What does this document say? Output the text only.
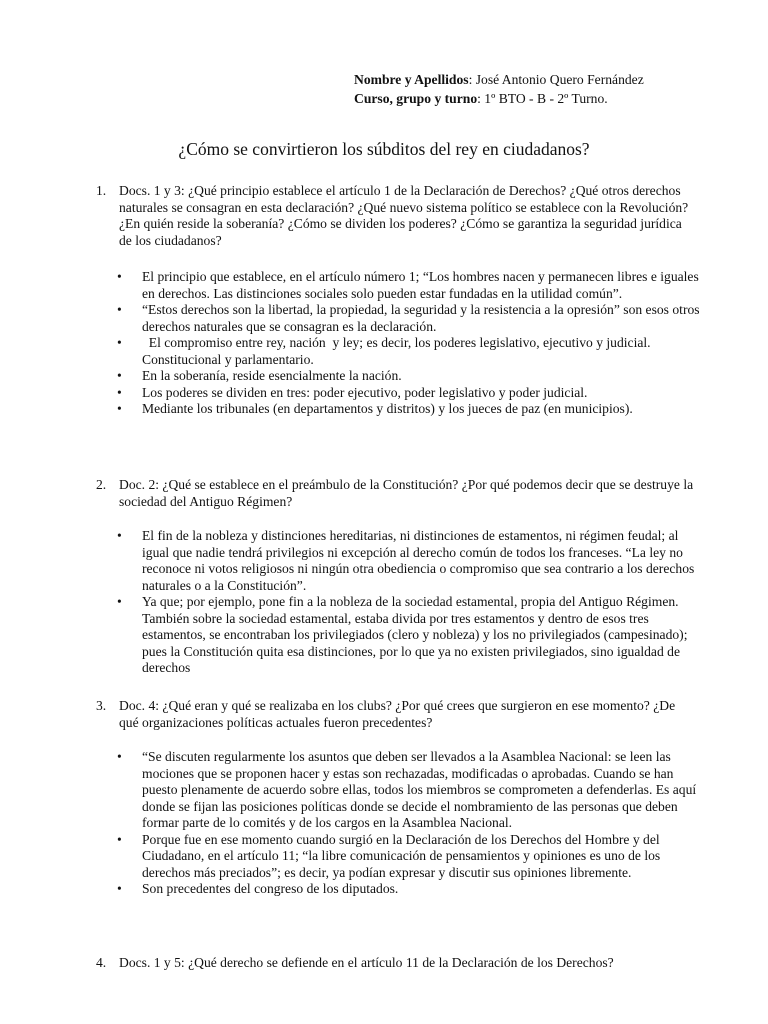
Nombre y Apellidos: José Antonio Quero Fernández
Curso, grupo y turno: 1º BTO - B - 2º Turno.
¿Cómo se convirtieron los súbditos del rey en ciudadanos?
1. Docs. 1 y 3: ¿Qué principio establece el artículo 1 de la Declaración de Derechos? ¿Qué otros derechos naturales se consagran en esta declaración? ¿Qué nuevo sistema político se establece con la Revolución? ¿En quién reside la soberanía? ¿Cómo se dividen los poderes? ¿Cómo se garantiza la seguridad jurídica de los ciudadanos?
• El principio que establece, en el artículo número 1; “Los hombres nacen y permanecen libres e iguales en derechos. Las distinciones sociales solo pueden estar fundadas en la utilidad común”.
• “Estos derechos son la libertad, la propiedad, la seguridad y la resistencia a la opresión” son esos otros derechos naturales que se consagran es la declaración.
• El compromiso entre rey, nación  y ley; es decir, los poderes legislativo, ejecutivo y judicial. Constitucional y parlamentario.
• En la soberanía, reside esencialmente la nación.
• Los poderes se dividen en tres: poder ejecutivo, poder legislativo y poder judicial.
• Mediante los tribunales (en departamentos y distritos) y los jueces de paz (en municipios).
2. Doc. 2: ¿Qué se establece en el preámbulo de la Constitución? ¿Por qué podemos decir que se destruye la sociedad del Antiguo Régimen?
• El fin de la nobleza y distinciones hereditarias, ni distinciones de estamentos, ni régimen feudal; al igual que nadie tendrá privilegios ni excepción al derecho común de todos los franceses. “La ley no reconoce ni votos religiosos ni ningún otra obediencia o compromiso que sea contrario a los derechos naturales o a la Constitución”.
• Ya que; por ejemplo, pone fin a la nobleza de la sociedad estamental, propia del Antiguo Régimen. También sobre la sociedad estamental, estaba divida por tres estamentos y dentro de esos tres estamentos, se encontraban los privilegiados (clero y nobleza) y los no privilegiados (campesinado); pues la Constitución quita esa distinciones, por lo que ya no existen privilegiados, sino igualdad de derechos
3. Doc. 4: ¿Qué eran y qué se realizaba en los clubs? ¿Por qué crees que surgieron en ese momento? ¿De qué organizaciones políticas actuales fueron precedentes?
• “Se discuten regularmente los asuntos que deben ser llevados a la Asamblea Nacional: se leen las mociones que se proponen hacer y estas son rechazadas, modificadas o aprobadas. Cuando se han puesto plenamente de acuerdo sobre ellas, todos los miembros se comprometen a defenderlas. Es aquí donde se fijan las posiciones políticas donde se decide el nombramiento de las personas que deben formar parte de lo comités y de los cargos en la Asamblea Nacional.
• Porque fue en ese momento cuando surgió en la Declaración de los Derechos del Hombre y del Ciudadano, en el artículo 11; “la libre comunicación de pensamientos y opiniones es uno de los derechos más preciados”; es decir, ya podían expresar y discutir sus opiniones libremente.
• Son precedentes del congreso de los diputados.
4. Docs. 1 y 5: ¿Qué derecho se defiende en el artículo 11 de la Declaración de los Derechos?
